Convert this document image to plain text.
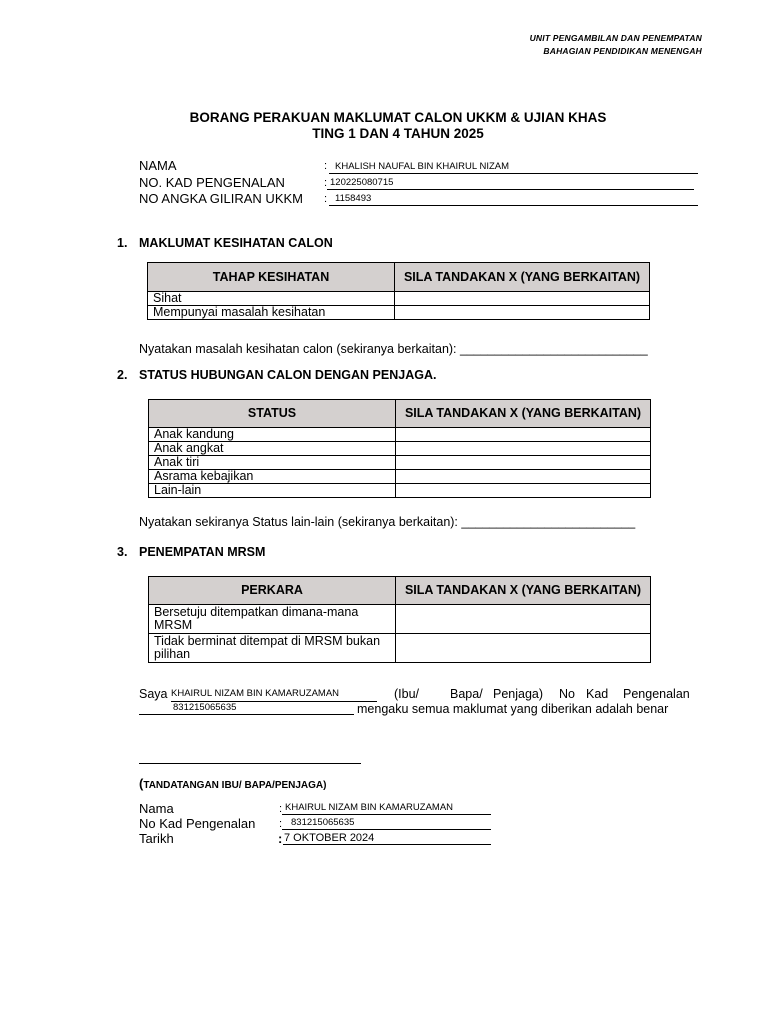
UNIT PENGAMBILAN DAN PENEMPATAN
BAHAGIAN PENDIDIKAN MENENGAH
BORANG PERAKUAN MAKLUMAT CALON UKKM & UJIAN KHAS
TING 1 DAN 4 TAHUN 2025
NAMA	: KHALISH NAUFAL BIN KHAIRUL NIZAM
NO. KAD PENGENALAN	: 120225080715
NO ANGKA GILIRAN UKKM : 1158493
1. MAKLUMAT KESIHATAN CALON
TAHAP KESIHATAN	SILA TANDAKAN X (YANG BERKAITAN)
Sihat	
Mempunyai masalah kesihatan	
Nyatakan masalah kesihatan calon (sekiranya berkaitan): ___________________________
2. STATUS HUBUNGAN CALON DENGAN PENJAGA.
STATUS	SILA TANDAKAN X (YANG BERKAITAN)
Anak kandung	
Anak angkat	
Anak tiri	
Asrama kebajikan	
Lain-lain	
Nyatakan sekiranya Status lain-lain (sekiranya berkaitan): _________________________
3. PENEMPATAN MRSM
PERKARA	SILA TANDAKAN X (YANG BERKAITAN)
Bersetuju ditempatkan dimana-mana MRSM	
Tidak berminat ditempat di MRSM bukan pilihan	
Saya KHAIRUL NIZAM BIN KAMARUZAMAN	(Ibu/ Bapa/ Penjaga) No Kad Pengenalan
831215065635	mengaku semua maklumat yang diberikan adalah benar
(TANDATANGAN IBU/ BAPA/PENJAGA)
Nama	: KHAIRUL NIZAM BIN KAMARUZAMAN
No Kad Pengenalan : 831215065635
Tarikh	: 7 OKTOBER 2024
